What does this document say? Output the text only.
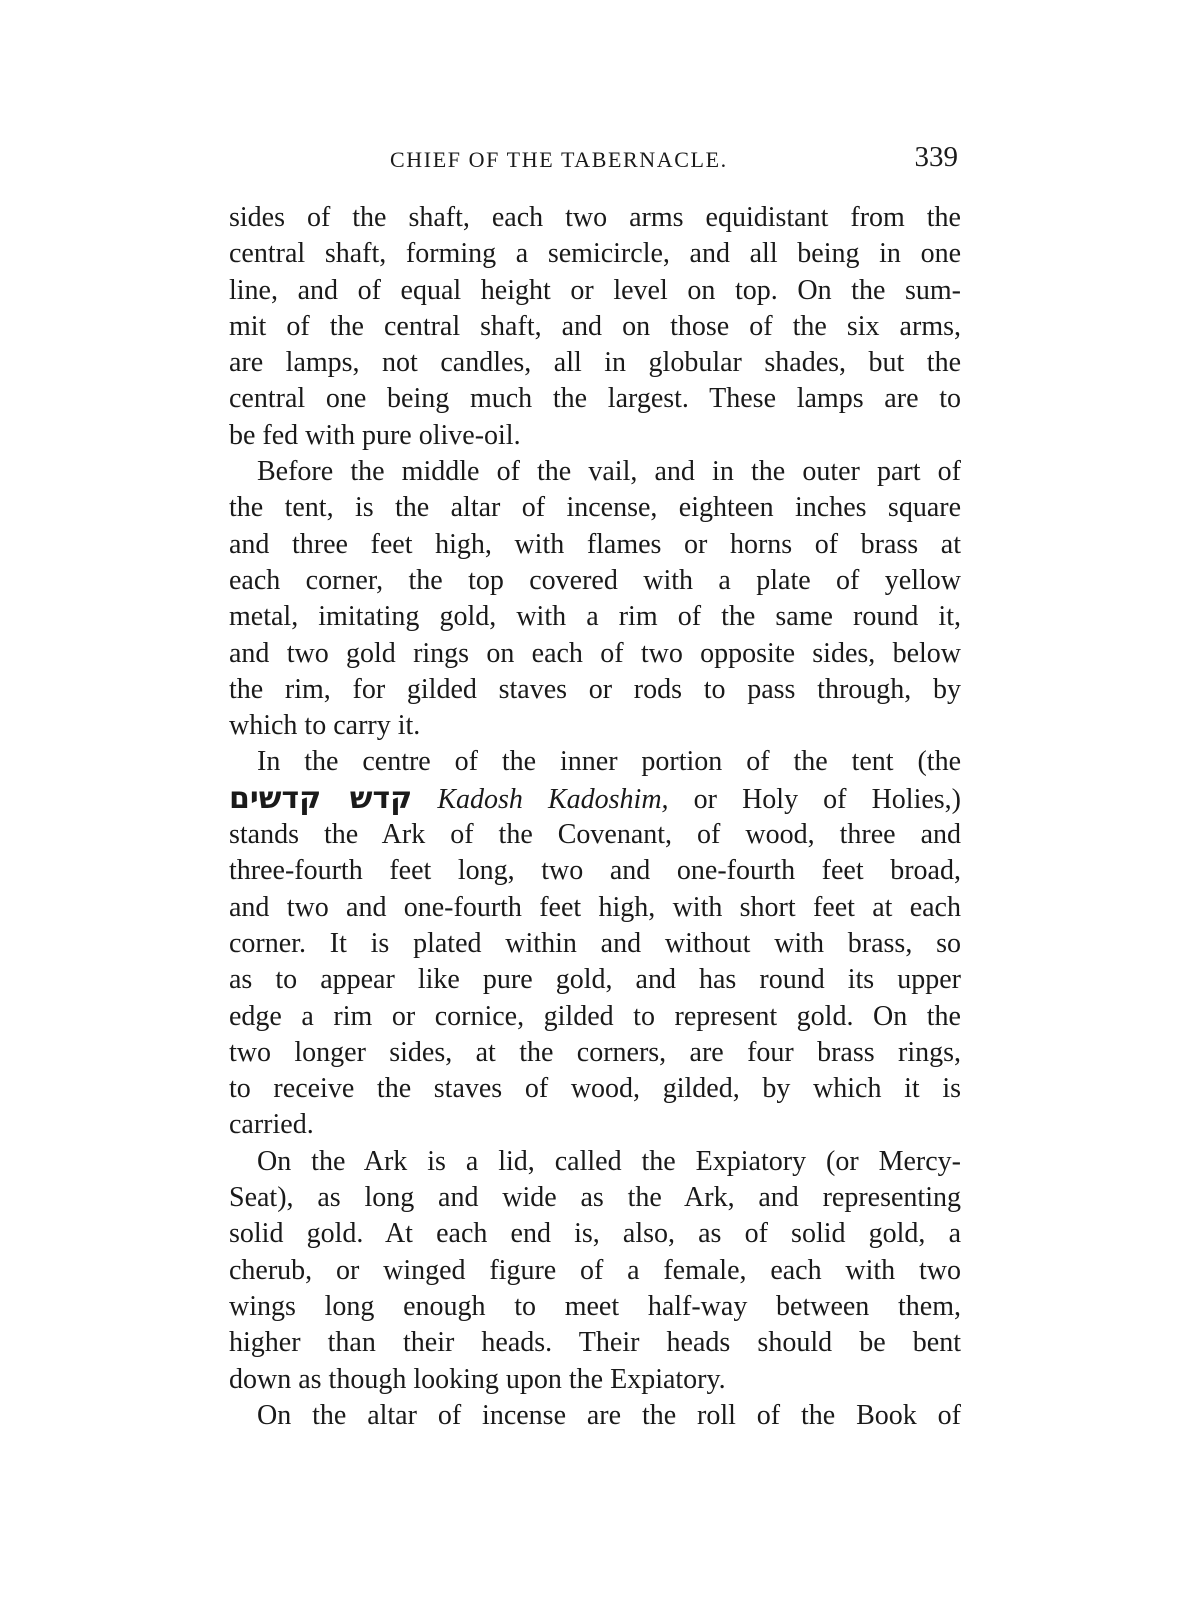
CHIEF OF THE TABERNACLE.	339
sides of the shaft, each two arms equidistant from the
central shaft, forming a semicircle, and all being in one
line, and of equal height or level on top. On the sum-
mit of the central shaft, and on those of the six arms,
are lamps, not candles, all in globular shades, but the
central one being much the largest. These lamps are to
be fed with pure olive-oil.
Before the middle of the vail, and in the outer part of
the tent, is the altar of incense, eighteen inches square
and three feet high, with flames or horns of brass at
each corner, the top covered with a plate of yellow
metal, imitating gold, with a rim of the same round it,
and two gold rings on each of two opposite sides, below
the rim, for gilded staves or rods to pass through, by
which to carry it.
In the centre of the inner portion of the tent (the
קדש קדשים Kadosh Kadoshim, or Holy of Holies,)
stands the Ark of the Covenant, of wood, three and
three-fourth feet long, two and one-fourth feet broad,
and two and one-fourth feet high, with short feet at each
corner. It is plated within and without with brass, so
as to appear like pure gold, and has round its upper
edge a rim or cornice, gilded to represent gold. On the
two longer sides, at the corners, are four brass rings,
to receive the staves of wood, gilded, by which it is
carried.
On the Ark is a lid, called the Expiatory (or Mercy-
Seat), as long and wide as the Ark, and representing
solid gold. At each end is, also, as of solid gold, a
cherub, or winged figure of a female, each with two
wings long enough to meet half-way between them,
higher than their heads. Their heads should be bent
down as though looking upon the Expiatory.
On the altar of incense are the roll of the Book of
